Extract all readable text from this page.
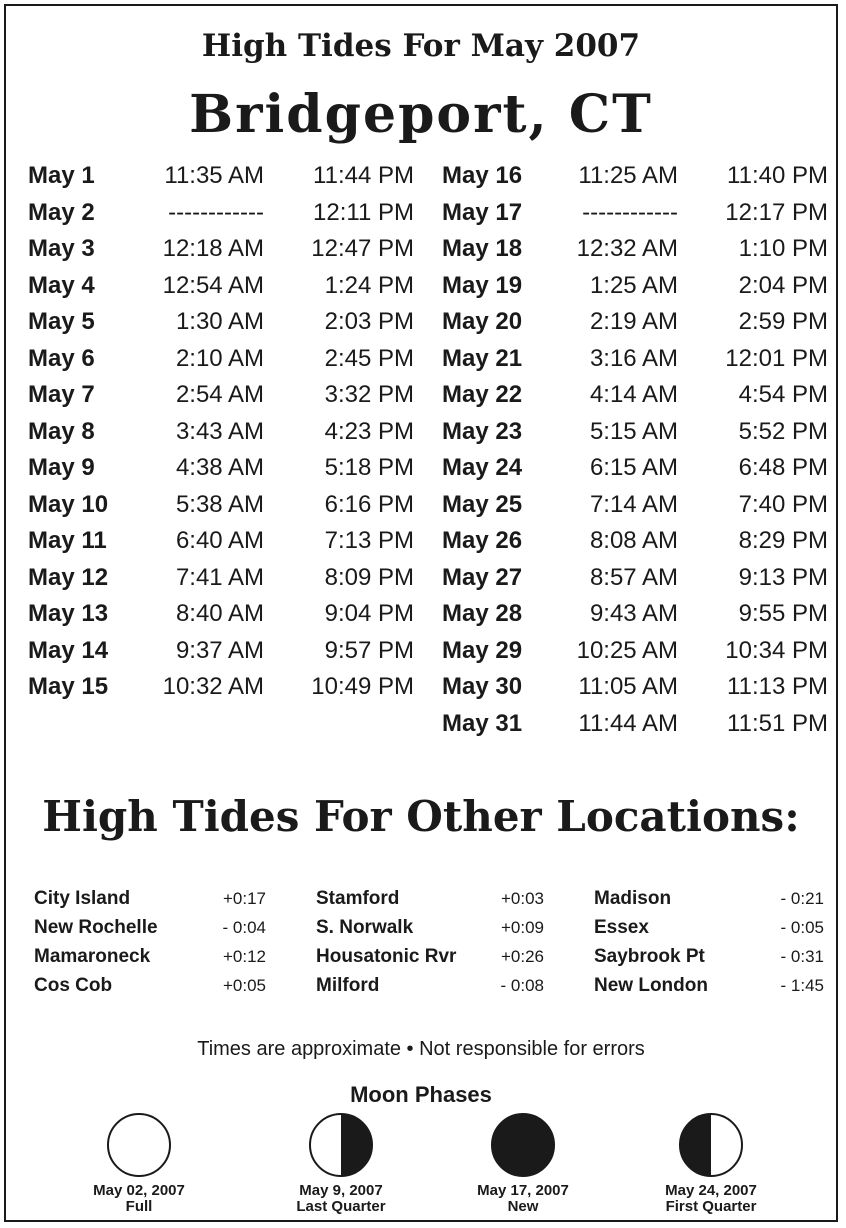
High Tides For May 2007
Bridgeport, CT
May 1	11:35 AM 11:44 PM
May 2	------------ 12:11 PM
May 3	12:18 AM 12:47 PM
May 4	12:54 AM	1:24 PM
May 5	1:30 AM	2:03 PM
May 6	2:10 AM	2:45 PM
May 7	2:54 AM	3:32 PM
May 8	3:43 AM	4:23 PM
May 9	4:38 AM	5:18 PM
May 10	5:38 AM	6:16 PM
May 11	6:40 AM	7:13 PM
May 12	7:41 AM	8:09 PM
May 13	8:40 AM	9:04 PM
May 14	9:37 AM	9:57 PM
May 15 10:32 AM 10:49 PM
May 16 11:25 AM 11:40 PM
May 17	------------ 12:17 PM
May 18 12:32 AM	1:10 PM
May 19	1:25 AM	2:04 PM
May 20	2:19 AM	2:59 PM
May 21	3:16 AM 12:01 PM
May 22	4:14 AM	4:54 PM
May 23	5:15 AM	5:52 PM
May 24	6:15 AM	6:48 PM
May 25	7:14 AM	7:40 PM
May 26	8:08 AM	8:29 PM
May 27	8:57 AM	9:13 PM
May 28	9:43 AM	9:55 PM
May 29 10:25 AM 10:34 PM
May 30 11:05 AM 11:13 PM
May 31 11:44 AM 11:51 PM
High Tides For Other Locations:
City Island	+0:17	Stamford	+0:03	Madison	- 0:21
New Rochelle	- 0:04	S. Norwalk	+0:09	Essex	- 0:05
Mamaroneck	+0:12	Housatonic Rvr	+0:26	Saybrook Pt	- 0:31
Cos Cob	+0:05	Milford	- 0:08	New London	- 1:45
Times are approximate • Not responsible for errors
Moon Phases
May 02, 2007
Full
May 9, 2007
Last Quarter
May 17, 2007
New
May 24, 2007
First Quarter
